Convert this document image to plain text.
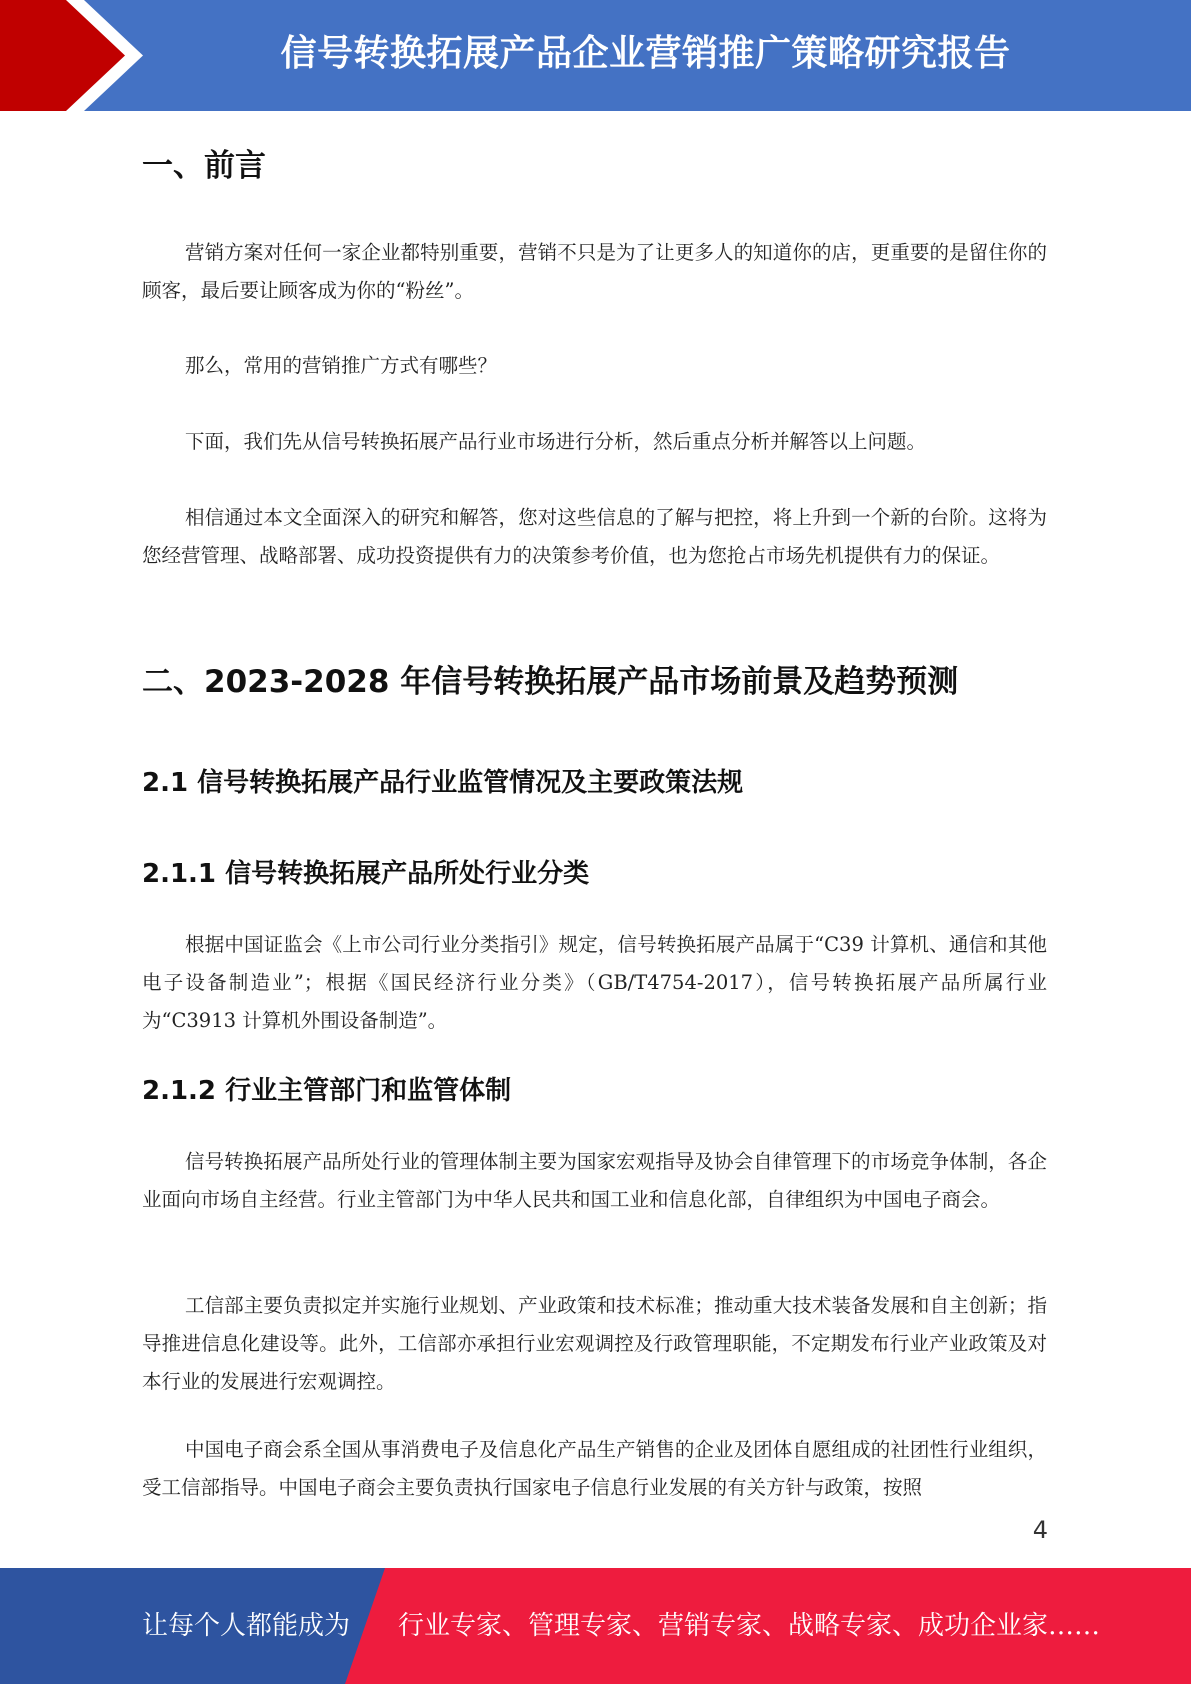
信号转换拓展产品企业营销推广策略研究报告
一、前言

营销方案对任何一家企业都特别重要，营销不只是为了让更多人的知道你的店，更重要的是留住你的顾客，最后要让顾客成为你的“粉丝”。

那么，常用的营销推广方式有哪些？

下面，我们先从信号转换拓展产品行业市场进行分析，然后重点分析并解答以上问题。

相信通过本文全面深入的研究和解答，您对这些信息的了解与把控，将上升到一个新的台阶。这将为您经营管理、战略部署、成功投资提供有力的决策参考价值，也为您抢占市场先机提供有力的保证。

二、2023-2028 年信号转换拓展产品市场前景及趋势预测
2.1 信号转换拓展产品行业监管情况及主要政策法规
2.1.1 信号转换拓展产品所处行业分类

根据中国证监会《上市公司行业分类指引》规定，信号转换拓展产品属于“C39 计算机、通信和其他电子设备制造业”；根据《国民经济行业分类》（GB/T4754-2017），信号转换拓展产品所属行业为“C3913 计算机外围设备制造”。

2.1.2 行业主管部门和监管体制

信号转换拓展产品所处行业的管理体制主要为国家宏观指导及协会自律管理下的市场竞争体制，各企业面向市场自主经营。行业主管部门为中华人民共和国工业和信息化部，自律组织为中国电子商会。

工信部主要负责拟定并实施行业规划、产业政策和技术标准；推动重大技术装备发展和自主创新；指导推进信息化建设等。此外，工信部亦承担行业宏观调控及行政管理职能，不定期发布行业产业政策及对本行业的发展进行宏观调控。

中国电子商会系全国从事消费电子及信息化产品生产销售的企业及团体自愿组成的社团性行业组织，受工信部指导。中国电子商会主要负责执行国家电子信息行业发展的有关方针与政策，按照

4
让每个人都能成为 行业专家、管理专家、营销专家、战略专家、成功企业家……
